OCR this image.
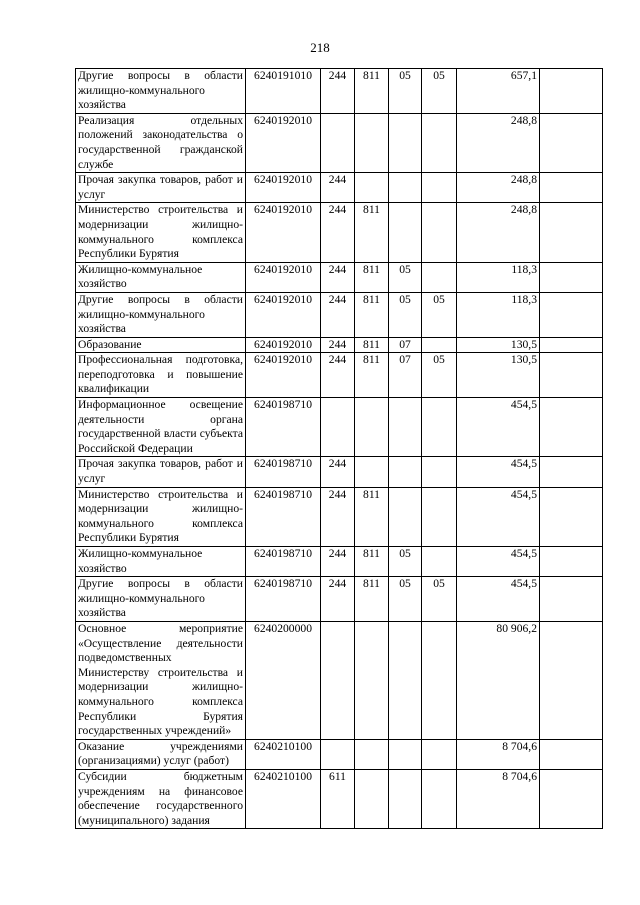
218
Другие вопросы в области жилищно-коммунального хозяйства	6240191010	244	811	05	05	657,1	
Реализация отдельных положений законодательства о государственной гражданской службе	6240192010					248,8	
Прочая закупка товаров, работ и услуг	6240192010	244				248,8	
Министерство строительства и модернизации жилищно-коммунального комплекса Республики Бурятия	6240192010	244	811			248,8	
Жилищно-коммунальное хозяйство	6240192010	244	811	05		118,3	
Другие вопросы в области жилищно-коммунального хозяйства	6240192010	244	811	05	05	118,3	
Образование	6240192010	244	811	07		130,5	
Профессиональная подготовка, переподготовка и повышение квалификации	6240192010	244	811	07	05	130,5	
Информационное освещение деятельности органа государственной власти субъекта Российской Федерации	6240198710					454,5	
Прочая закупка товаров, работ и услуг	6240198710	244				454,5	
Министерство строительства и модернизации жилищно-коммунального комплекса Республики Бурятия	6240198710	244	811			454,5	
Жилищно-коммунальное хозяйство	6240198710	244	811	05		454,5	
Другие вопросы в области жилищно-коммунального хозяйства	6240198710	244	811	05	05	454,5	
Основное мероприятие «Осуществление деятельности подведомственных Министерству строительства и модернизации жилищно-коммунального комплекса Республики Бурятия государственных учреждений»	6240200000					80 906,2	
Оказание учреждениями (организациями) услуг (работ)	6240210100					8 704,6	
Субсидии бюджетным учреждениям на финансовое обеспечение государственного (муниципального) задания	6240210100	611				8 704,6	
